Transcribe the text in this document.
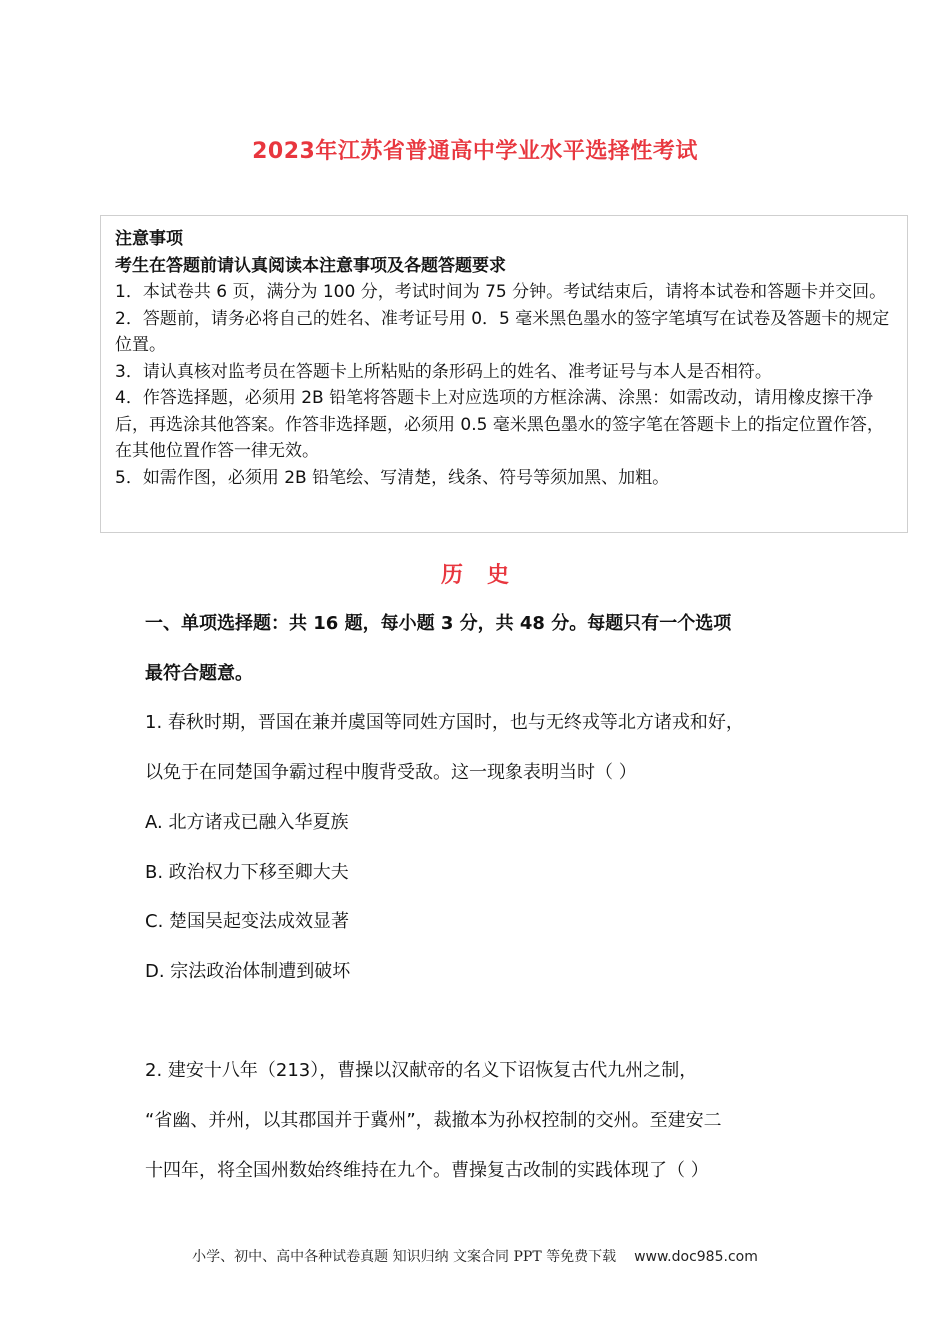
2023年江苏省普通高中学业水平选择性考试
注意事项
考生在答题前请认真阅读本注意事项及各题答题要求
1．本试卷共 6 页，满分为 100 分，考试时间为 75 分钟。考试结束后，请将本试卷和答题卡并交回。
2．答题前，请务必将自己的姓名、准考证号用 0．5 毫米黑色墨水的签字笔填写在试卷及答题卡的规定位置。
3．请认真核对监考员在答题卡上所粘贴的条形码上的姓名、准考证号与本人是否相符。
4．作答选择题，必须用 2B 铅笔将答题卡上对应选项的方框涂满、涂黑：如需改动，请用橡皮擦干净后，再选涂其他答案。作答非选择题，必须用 0.5 毫米黑色墨水的签字笔在答题卡上的指定位置作答，在其他位置作答一律无效。
5．如需作图，必须用 2B 铅笔绘、写清楚，线条、符号等须加黑、加粗。
历史
一、单项选择题：共 16 题，每小题 3 分，共 48 分。每题只有一个选项
最符合题意。
1. 春秋时期，晋国在兼并虞国等同姓方国时，也与无终戎等北方诸戎和好，
以免于在同楚国争霸过程中腹背受敌。这一现象表明当时（ ）
A. 北方诸戎已融入华夏族
B. 政治权力下移至卿大夫
C. 楚国吴起变法成效显著
D. 宗法政治体制遭到破坏
2. 建安十八年（213），曹操以汉献帝的名义下诏恢复古代九州之制，
“省幽、并州，以其郡国并于冀州”，裁撤本为孙权控制的交州。至建安二
十四年，将全国州数始终维持在九个。曹操复古改制的实践体现了（ ）
小学、初中、高中各种试卷真题 知识归纳 文案合同 PPT 等免费下载 www.doc985.com
